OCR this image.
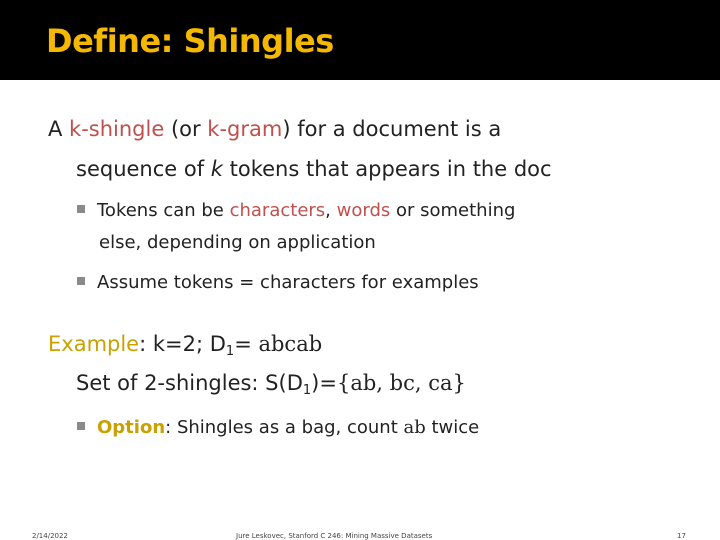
Define: Shingles
A k-shingle (or k-gram) for a document is a
sequence of k tokens that appears in the doc
Tokens can be characters, words or something
else, depending on application
Assume tokens = characters for examples
Example: k=2; $D_1=$ abcab
Set of 2-shingles: $S(D_1)=\{ab$, bc, ca}
Option: Shingles as a bag, count ab twice
2/14/2022	Jure Leskovec, Stanford C 246: Mining Massive Datasets	17
